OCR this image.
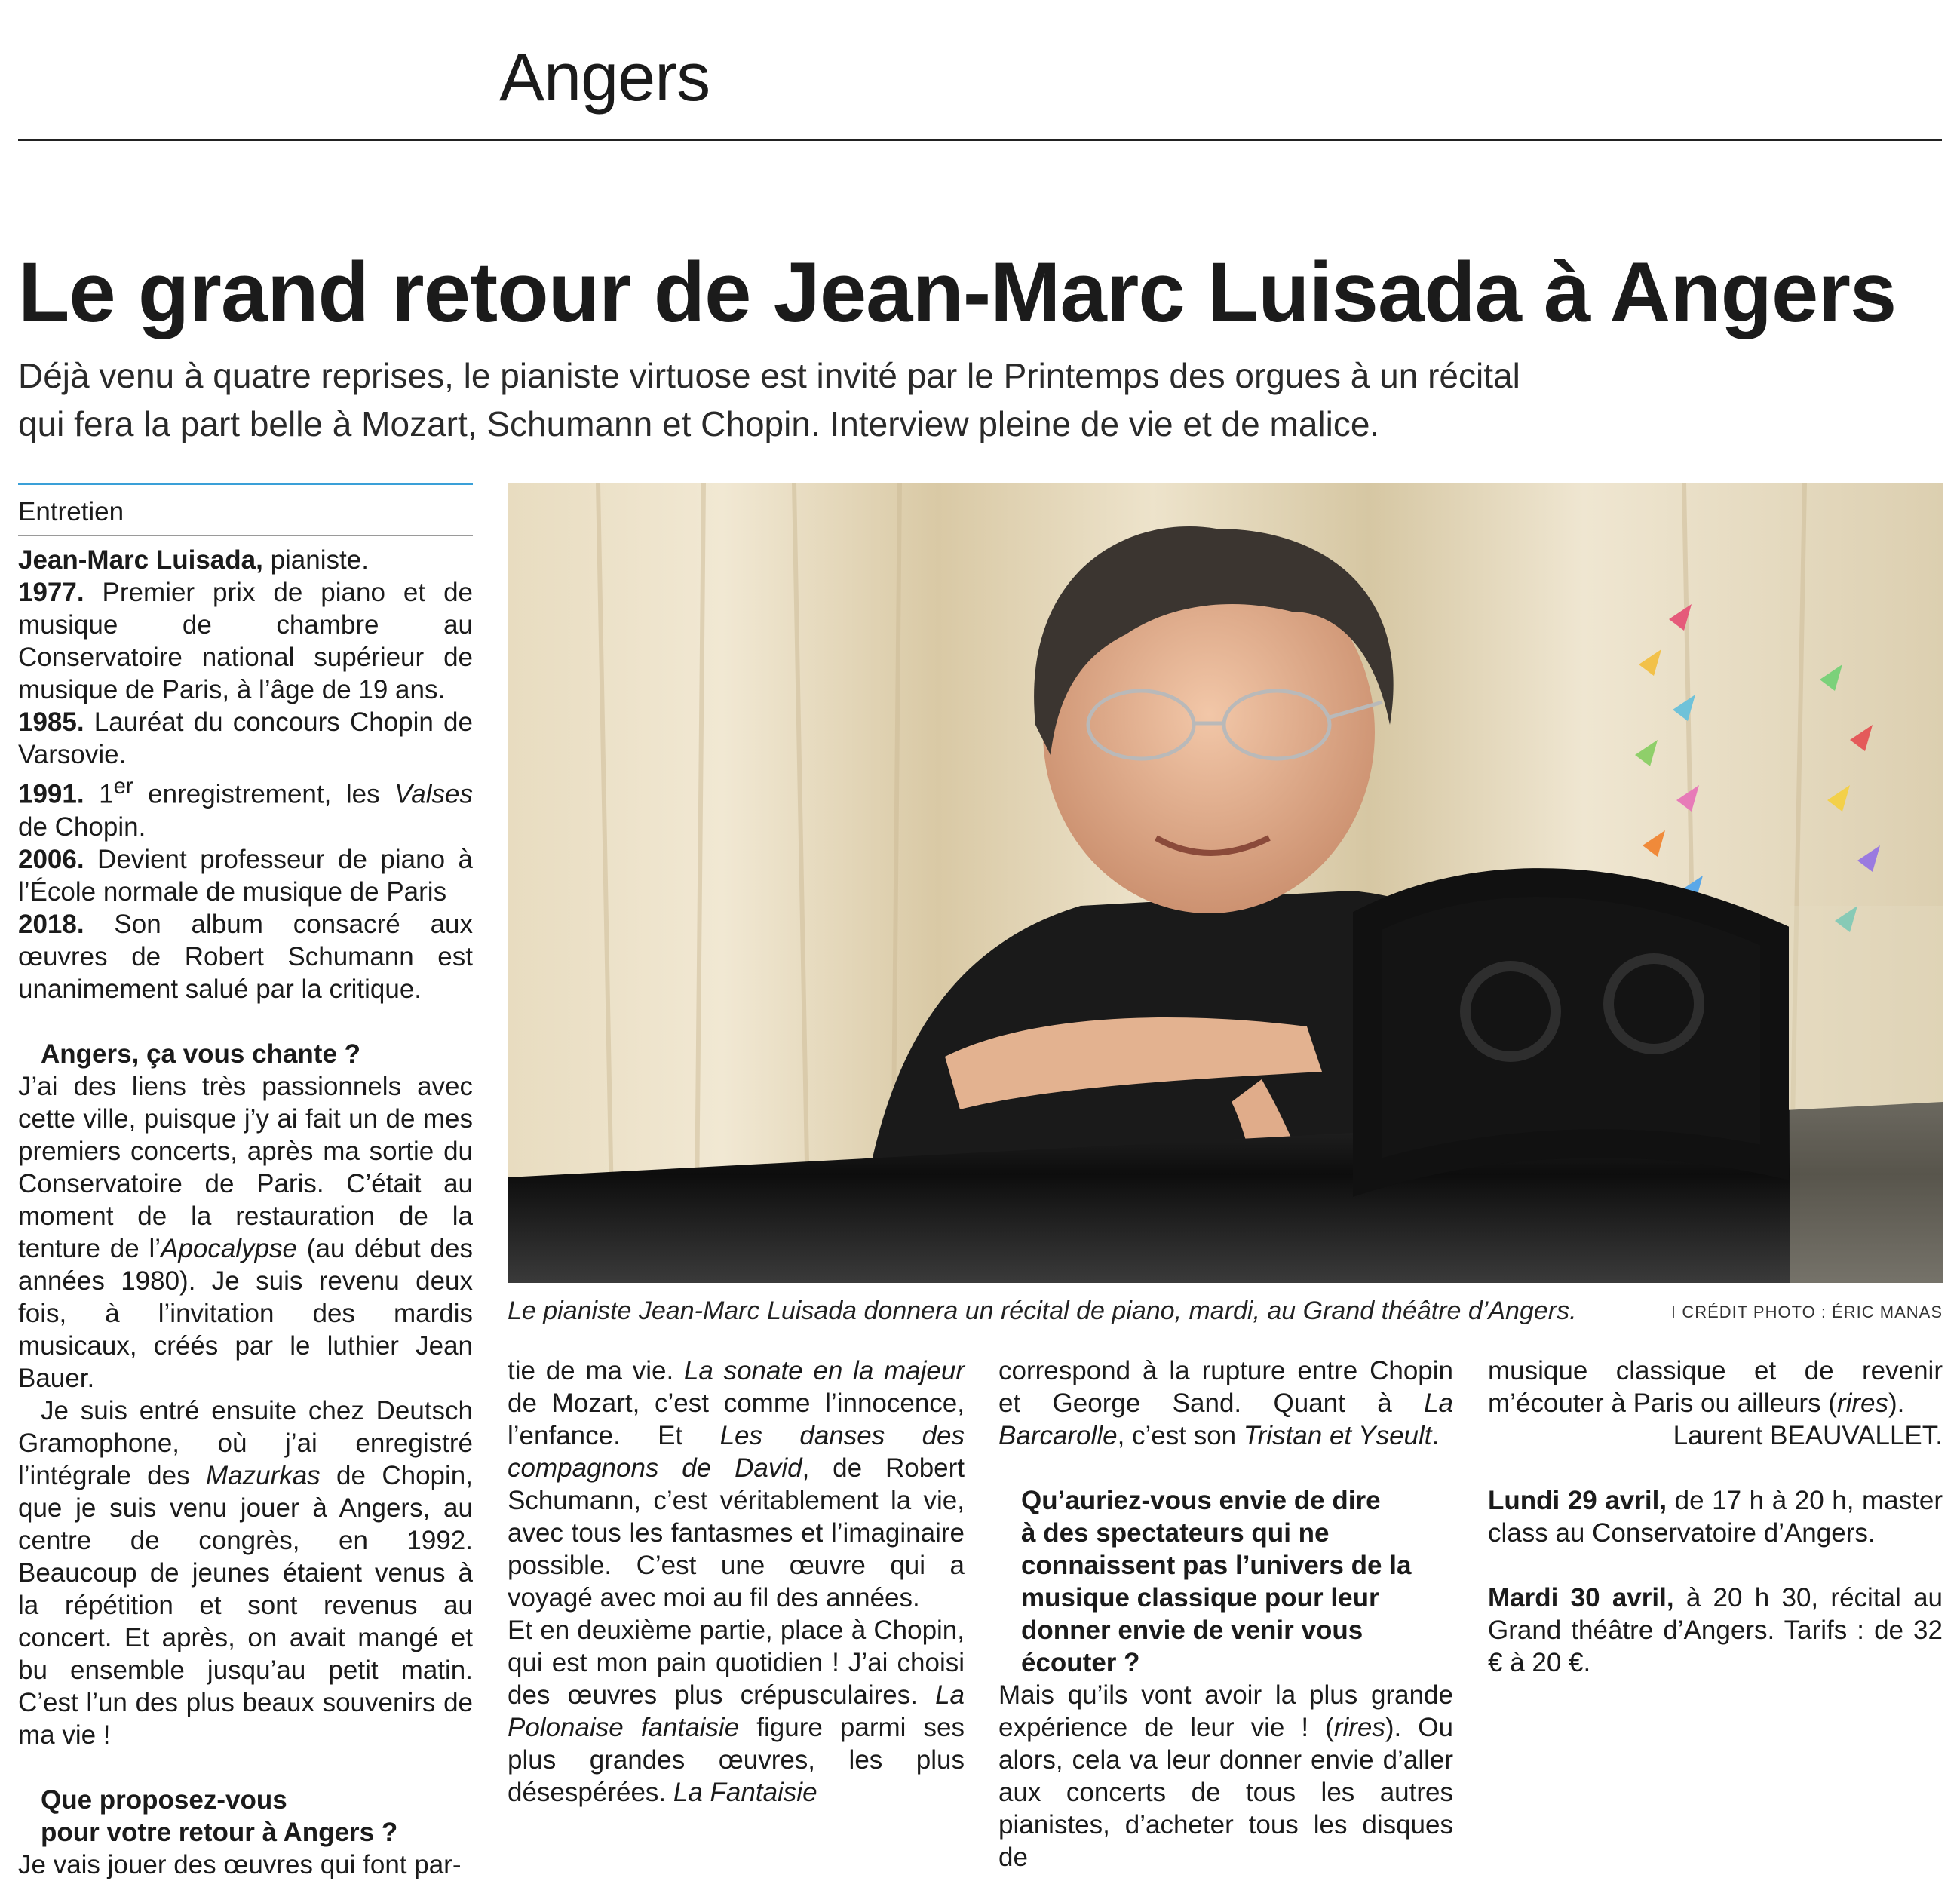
Angers
Le grand retour de Jean-Marc Luisada à Angers

Déjà venu à quatre reprises, le pianiste virtuose est invité par le Printemps des orgues à un récital
qui fera la part belle à Mozart, Schumann et Chopin. Interview pleine de vie et de malice.

Entretien

Jean-Marc Luisada, pianiste.

1977. Premier prix de piano et de musique de chambre au Conservatoire national supérieur de musique de Paris, à l’âge de 19 ans.

1985. Lauréat du concours Chopin de Varsovie.

1991. 1er enregistrement, les Valses de Chopin.

2006. Devient professeur de piano à l’École normale de musique de Paris

2018. Son album consacré aux œuvres de Robert Schumann est unanimement salué par la critique.

Angers, ça vous chante ?

J’ai des liens très passionnels avec cette ville, puisque j’y ai fait un de mes premiers concerts, après ma sortie du Conservatoire de Paris. C’était au moment de la restauration de la tenture de l’Apocalypse (au début des années 1980). Je suis revenu deux fois, à l’invitation des mardis musicaux, créés par le luthier Jean Bauer.

Je suis entré ensuite chez Deutsch Gramophone, où j’ai enregistré l’intégrale des Mazurkas de Chopin, que je suis venu jouer à Angers, au centre de congrès, en 1992. Beaucoup de jeunes étaient venus à la répétition et sont revenus au concert. Et après, on avait mangé et bu ensemble jusqu’au petit matin. C’est l’un des plus beaux souvenirs de ma vie !

Que proposez-vous
pour votre retour à Angers ?

Je vais jouer des œuvres qui font par-

Le pianiste Jean-Marc Luisada donnera un récital de piano, mardi, au Grand théâtre d’Angers.	CRÉDIT PHOTO : ÉRIC MANAS

tie de ma vie. La sonate en la majeur de Mozart, c’est comme l’innocence, l’enfance. Et Les danses des compagnons de David, de Robert Schumann, c’est véritablement la vie, avec tous les fantasmes et l’imaginaire possible. C’est une œuvre qui a voyagé avec moi au fil des années.

Et en deuxième partie, place à Chopin, qui est mon pain quotidien ! J’ai choisi des œuvres plus crépusculaires. La Polonaise fantaisie figure parmi ses plus grandes œuvres, les plus désespérées. La Fantaisie

correspond à la rupture entre Chopin et George Sand. Quant à La Barcarolle, c’est son Tristan et Yseult.

Qu’auriez-vous envie de dire
à des spectateurs qui ne connaissent pas l’univers de la musique classique pour leur donner envie de venir vous écouter ?

Mais qu’ils vont avoir la plus grande expérience de leur vie ! (rires). Ou alors, cela va leur donner envie d’aller aux concerts de tous les autres pianistes, d’acheter tous les disques de

musique classique et de revenir m’écouter à Paris ou ailleurs (rires).

Laurent BEAUVALLET.

Lundi 29 avril, de 17 h à 20 h, master class au Conservatoire d’Angers.

Mardi 30 avril, à 20 h 30, récital au Grand théâtre d’Angers. Tarifs : de 32 € à 20 €.
